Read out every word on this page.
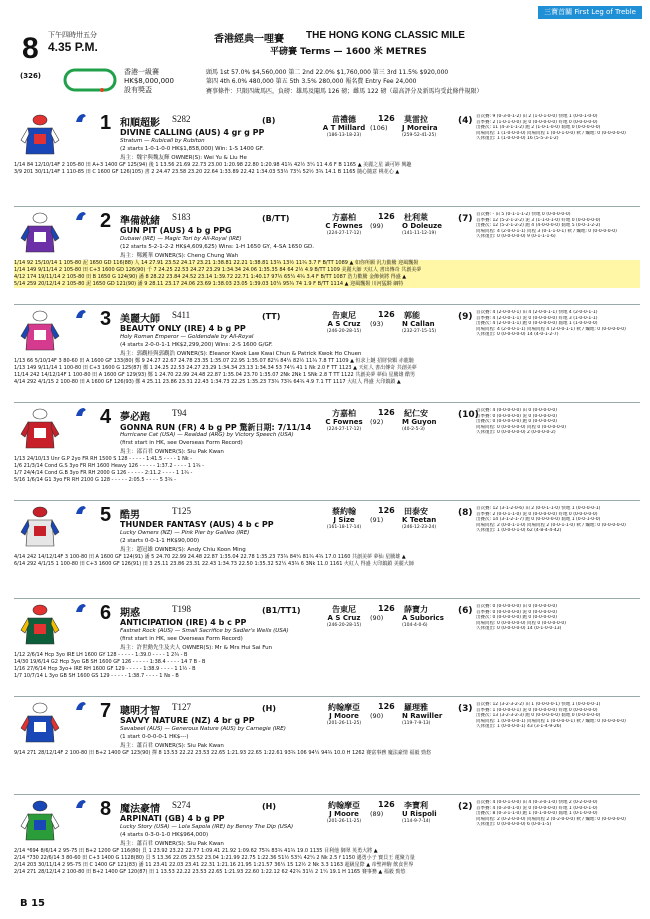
三寶首關 First Leg of Treble
8 下午四時卅五分
4.35 P.M.
(326)
香港經典一哩賽 THE HONG KONG CLASSIC MILE
平磅賽 Terms — 1600 米 METRES
香港一級賽
HK$8,000,000
設有獎盃
頭馬 1st 57.0% $4,560,000 第二 2nd 22.0% $1,760,000 第三 3rd 11.5% $920,000
第四 4th 6.0% 480,000 第五 5th 3.5% 280,000 報名費 Entry Fee 24,000
賽事條件：只限四歲馬匹，負磅：雄馬及閹馬 126 磅；雌馬 122 磅（最高評分及新馬均受此條件規限）
1 和順超影 S282
DIVINE CALLING (AUS) 4 gr g PP
Stratum — Rubicall by Rubiton
(2 starts 1-0-1-0-0 HK$1,858,000) Win: 1-S 1400 GF.
馬主：魏宇與魏友輝 OWNER(S): Wei Yu & Liu He
(B)	苗禮德
A T Millard
(186-13-18-23)
126
(106)
莫雷拉
J Moreira
(259-52-41-25)
(4) 首次賽: 9 (0-3-0-1-2) 田 2 (1-0-1-0-0) 快地 1 (0-0-1-0-0)
首季賽: 2 (1-0-1-0-0) 泥 0 (0-0-0-0-0) 好地 0 (0-0-0-0-0)
出賽次: 11 (4-3-1-1-2) 跑 2 (1-0-1-0-0) 黏地 0 (0-0-0-0-0)
同場同程: 1 (1-0-0-0-0) 同場同程 1 (0-0-1-0-0) 軟 / 爛地: 0 (0-0-0-0-0)
久休復出: 1 (1-0-0-0-0) 16 (5-5-3-1-2)
1/14 84 12/10/14F 2 105-80 田 A+3 1400 GF 125(94) 後 1 13.56 21.69 22.73 23.00 1:20.98 22.80 1:20.98 41¾ 42½ 3¼ 11 4.6 F B 1165 ▲ 美麗之星 識可婷 興趣
3/9 201 30/11/14F 1 110-85 田 C 1600 GF 126(105) 書 2 24.47 23.58 23.20 22.64 1:33.89 22.42 1:34.03 53½ 73¼ 52½ 3¾ 14.1 B 1165 隨心隨意 桃花心 ▲
2 準備就緒 S183
GUN PIT (AUS) 4 b g PPG
Dubawi (IRE) — Magic Tori by All-Royal (IRE)
(12 starts 5-2-1-2-2 HK$4,609,625) Wins: 1-H 1650 GY, 4-SA 1650 GD.
馬主：鄭鑊華 OWNER(S): Cheng Chung Wah
(B/TT)	方嘉柏
C Fownes
(224-27-17-12)
126
(99)
杜利萊
O Doleuze
(141-11-12-19)
(7) 首次賽: - 田 5 (0-1-1-1-2) 快地 0 (0-0-0-0-0)
首季賽: 12 (5-2-1-2-2) 泥 3 (1-1-0-1-0) 好地 0 (0-0-0-0-0)
出賽次: 12 (5-2-1-2-2) 跑 4 (4-0-0-0-0) 黏地 5 (0-0-1-2-2)
同場同程: 4 (2-0-0-1-1) 同程 3 (0-1-1-0-1) 軟 / 爛地: 0 (0-0-0-0-0)
久休復出: 0 (0-0-0-0-0) 9 (0-1-1-1-6)
1/14 92 15/10/14 1 105-80 泥 1650 GD 116(88) 人 14 27.91 23.52 24.17 23.21 1:38.81 22.21 1:38.81 13¾ 13½ 11¾ 3.7 F B/TT 1089 ▲ 如你所願 汎力勤騰 迎風飄揚
1/14 149 9/11/14 2 105-80 田 C+3 1600 GD 126(90) 千 7 24.25 22.53 24.27 23.29 1:34.34 24.06 1:35.35 84 64 2½ 4.9 B/TT 1109 美麗大師 天紅人 書出傳奇 共創美夢
4/12 174 19/11/14 2 105-80 田 B 1650 G 124(90) 潘 8 28.22 23.84 24.52 23.14 1:39.72 22.71 1:40.17 97½ 65¼ 4¾ 3.4 F B/TT 1087 浩力歡騰 金飾俠將 得盛 ▲
5/14 259 20/12/14 2 105-80 泥 1650 GD 121(90) 潘 9 28.11 23.17 24.06 23.69 1:38.03 23.05 1:39.03 10¼ 95¾ 74 1.9 F B/TT 1114 ▲ 迎風飄揚 川河猛騎 綱特
3 美麗大師 S411
BEAUTY ONLY (IRE) 4 b g PP
Holy Roman Emperor — Goldendale by All-Royal
(4 starts 2-0-0-1-1 HK$2,299,200) Wins: 2-S 1600 G/GF.
馬主：郭觀桂與郭觀浩 OWNER(S): Eleanor Kwok Law Kwai Chun & Patrick Kwok Ho Chuen
(TT)	告東尼
A S Cruz
(246-20-28-15)
126
(93)
郭能
N Callan
(232-27-15-15)
(9) 首次賽: 4 (2-0-0-0-1) 田 4 (2-0-0-1-1) 快地 4 (2-0-0-1-1)
首季賽: 4 (2-0-0-1-1) 泥 0 (0-0-0-0-0) 好地 3 (1-0-0-1-1)
出賽次: 4 (2-0-0-1-1) 跑 0 (0-0-0-0-0) 黏地 1 (1-0-0-0-0)
同場同程: 4 (2-0-0-1-1) 同場同程 4 (2-0-0-1-1) 軟 / 爛地: 0 (0-0-0-0-0)
久休復出: 0 (0-0-0-0-0) 14 (4-0-1-2-7)
1/13 66 5/10/14F 3 80-60 田 A 1600 GF 133(80) 鄭 9 24.27 22.67 24.78 23.35 1:35.07 22.95 1:35.07 82¼ 84¼ 82½ 11¾ 7.8 TT 1109 ▲ 恒求上鏈 招財快顆 赤龍馳
1/13 149 9/11/14 1 100-80 田 C+3 1600 G 125(87) 鄭 1 24.25 22.53 24.27 23.29 1:34.34 23.13 1:34.34 53 74¼ 41 1 Nk 2.0 F TT 1123 ▲ 天紅人 書出傳奇 共創美夢
11/14 242 14/12/14F 1 100-80 田 A 1600 GF 129(93) 鄭 1 24.70 22.99 24.48 22.87 1:35.04 23.70 1:35.07 2Nk 2Nk 1 SNk 2.8 T TT 1122 共創美夢 夢仙 星騰雄 酷男
4/14 292 4/1/15 2 100-80 田 A 1600 GF 126(93) 鄭 4 25.11 23.86 23.31 22.43 1:34.73 22.25 1:35.23 73¾ 73¾ 64¾ 4.9 7.1 TT 1117 大紅人 得盛 大印鎮鎖 ▲
4 夢必跑 T94
GONNA RUN (FR) 4 b g PP 驚新日期: 7/11/14
Hurricane Cat (USA) — Realdad (ARG) by Victory Speech (USA)
(first start in HK, see Overseas Form Record)
馬主：邵百君 OWNER(S): Siu Pak Kwan
方嘉柏
C Fownes
(224-27-17-12)
126
(92)
紀仁安
M Guyon
(40-2-5-3)
(10)
首次賽: 4 (0-0-0-0-0) 田 0 (0-0-0-0-0)
首季賽: 0 (0-0-0-0-0) 泥 0 (0-0-0-0-0)
出賽次: 0 (0-0-0-0-0) 跑 0 (0-0-0-0-0)
同場同程: 0 (0-0-0-0-0) 同程 0 (0-0-0-0-0)
久休復出: 0 (0-0-0-0-0) 2 (0-0-0-0-2)
1/13 24/10/13 Unr G.P 2yo FR RH 1500 S 128 - - - - - 1:41.5 - - - - 1 Nk -
1/6 21/3/14 Cond G.S 3yo FR RH 1600 Heavy 126 - - - - - 1:37.2 - - - - 1 1¾ -
1/7 24/4/14 Cond G.B 3yo FR RH 2000 G 126 - - - - - 2:11.2 - - - - 1 1¾ -
5/16 1/6/14 G1 3yo FR RH 2100 G 128 - - - - - 2:05.5 - - - - 5 3¾ -
5 酷男	T125
THUNDER FANTASY (AUS) 4 b c PP
Lucky Owners (NZ) — Pink Pier by Galileo (IRE)
(2 starts 0-0-1-1 HK$90,000)
馬主：趙冠雄 OWNER(S): Andy Chiu Koon Ming
蔡約翰
J Size
(161-18-17-14)
126
(91)
田泰安
K Teetan
(246-12-23-24)
(8) 首次賽: 12 (3-1-2-0-6) 田 2 (0-0-1-1-0) 快地 1 (0-0-0-0-1)
首季賽: 2 (0-0-1-1-0) 泥 0 (0-0-0-0-0) 好地 0 (0-0-0-0-0)
出賽次: 14 (3-1-2-1-7) 跑 0 (0-0-0-0-0) 黏地 1 (0-0-1-0-0)
同場同程: 2 (0-0-1-1-0) 同場同程 2 (0-0-1-1-0) 軟 / 爛地: 0 (0-0-0-0-0)
久休復出: 1 (0-0-0-1-0) 62 (4-8-4-4-42)
4/14 242 14/12/14F 3 100-80 田 A 1600 GF 124(91) 潘 5 24.70 22.99 24.48 22.87 1:35.04 22.78 1:35.23 73¾ 84¼ 81¾ 4¾ 17.0 1160 共創美夢 夢仙 星騰雄 ▲
6/14 292 4/1/15 1 100-80 田 C+3 1600 GF 126(91) 田 3 25.11 23.86 23.31 22.43 1:34.73 22.50 1:35.32 52¼ 43¾ 6 3Nk 11.0 1161 火紅人 得盛 大印鎮鎖 美麗大師
6 期惑	T198
ANTICIPATION (IRE) 4 b c PP
Fastnet Rock (AUS) — Small Sacrifice by Sadler's Wells (USA)
(first start in HK, see Overseas Form Record)
馬主：許世勳先生及夫人 OWNER(S): Mr & Mrs Hui Sai Fun
(B1/TT1)	告東尼
A S Cruz
(246-20-28-15)
126
(90)
薛寶力
A Suborics
(104-4-0-6)
(6) 首次賽: 0 (0-0-0-0-0) 田 0 (0-0-0-0-0)
首季賽: 0 (0-0-0-0-0) 泥 0 (0-0-0-0-0)
出賽次: 0 (0-0-0-0-0) 跑 0 (0-0-0-0-0)
同場同程: 0 (0-0-0-0-0) 同程 0 (0-0-0-0-0)
久休復出: 0 (0-0-0-0-0) 14 (0-1-0-0-13)
1/12 2/6/14 Hcp 3yo IRE LH 1600 GY 128 - - - - - 1:39.0 - - - - 1 2¾ - B
14/30 19/6/14 G2 Hcp 3yo GB SH 1600 GF 126 - - - - - 1:38.4 - - - - 14 7 B - B
1/16 27/6/14 Hcp 3yo+ IRE RH 1600 GF 129 - - - - - 1:38.9 - - - - 1 1½ - B
1/7 10/7/14 L 3yo GB SH 1600 GS 129 - - - - - 1:38.7 - - - - 1 Ns - B
7 聰明才智 T127
SAVVY NATURE (NZ) 4 br g PP
Savabeel (AUS) — Generous Nature (AUS) by Carnegie (IRE)
(1 start 0-0-0-0-1 HK$---)
馬主：蕭百君 OWNER(S): Siu Pak Kwan
(H)	約翰摩亞
J Moore
(201-26-11-25)
126
(90)
羅理雅
N Rawiller
(119-7-9-13)
(3) 首次賽: 12 (3-2-3-2-2) 田 1 (0-0-0-0-1) 快地 1 (0-0-0-0-1)
首季賽: 1 (0-0-0-0-1) 泥 0 (0-0-0-0-0) 好地 0 (0-0-0-0-0)
出賽次: 13 (3-2-3-2-3) 跑 0 (0-0-0-0-0) 黏地 0 (0-0-0-0-0)
同場同程: 1 (0-0-0-0-1) 同場同程 1 (0-0-0-0-1) 軟 / 爛地: 0 (0-0-0-0-0)
久休復出: 1 (0-0-0-0-1) 43 (3-1-4-9-26)
9/14 271 28/12/14F 2 100-80 田 B+2 1400 GF 123(90) 擇 8 13.53 22.22 23.53 22.65 1:21.93 22.65 1:22.61 93¾ 106 94¼ 94¾ 10.0 H 1262 賽富事務 魔法豪情 福毅 勁悠
8 魔法豪情 S274
ARPINATI (GB) 4 b g PP
Lucky Story (USA) — Lola Sapola (IRE) by Benny The Dip (USA)
(4 starts 0-3-0-1-0 HK$964,000)
馬主：蕭百君 OWNER(S): Siu Pak Kwan
(H)	約翰摩亞
J Moore
(201-26-11-25)
126
(89)
李寶利
U Rispoli
(114-9-7-14)
(2) 首次賽: 4 (0-0-1-0-0) 田 4 (0-3-0-1-0) 快地 2 (0-2-0-0-0)
首季賽: 4 (0-3-0-1-0) 泥 0 (0-0-0-0-0) 好地 1 (0-0-0-1-0)
出賽次: 8 (0-3-1-1-0) 跑 1 (0-1-0-0-0) 黏地 1 (0-1-0-0-0)
同場同程: 2 (0-2-0-0-0) 同場同程 2 (0-2-0-0-0) 軟 / 爛地: 0 (0-0-0-0-0)
久休復出: 0 (0-0-0-0-0) 6 (0-0-1-5)
2/14 *694 8/6/14 2 95-75 田 B+2 1200 GF 116(80) 貝 1 23.92 23.22 22.77 1:09.41 21.92 1:09.62 75¾ 83¾ 41¾ 19.0 1135 目利他 御翠 英勇大將 ▲
2/14 *730 22/6/14 3 80-60 田 C+3 1400 G 1128(80) 貝 5 13.36 22.05 23.52 23.04 1:21.99 22.75 1:22.36 51½ 53¼ 42¼ 2 Nk 2.5 f 1150 邁勇小子 寶貝王 蓮聚力量
2/14 203 30/11/14 2 95-75 田 C 1400 GF 121(83) 潘 11 23.41 22.03 23.41 22.31 1:21.16 21.95 1:21.57 36¼ 15 12½ 2 Nk 3.3 1163 超級星際 ▲ 帝聖神駒 飲食世界
2/14 271 28/12/14 2 100-80 田 B+2 1400 GF 120(87) 田 1 13.53 22.22 23.53 22.65 1:21.93 22.60 1:22.12 62 42¾ 31½ 2 1¼ 19.1 H 1165 賽事務 ▲ 福毅 勁悠
B 15
